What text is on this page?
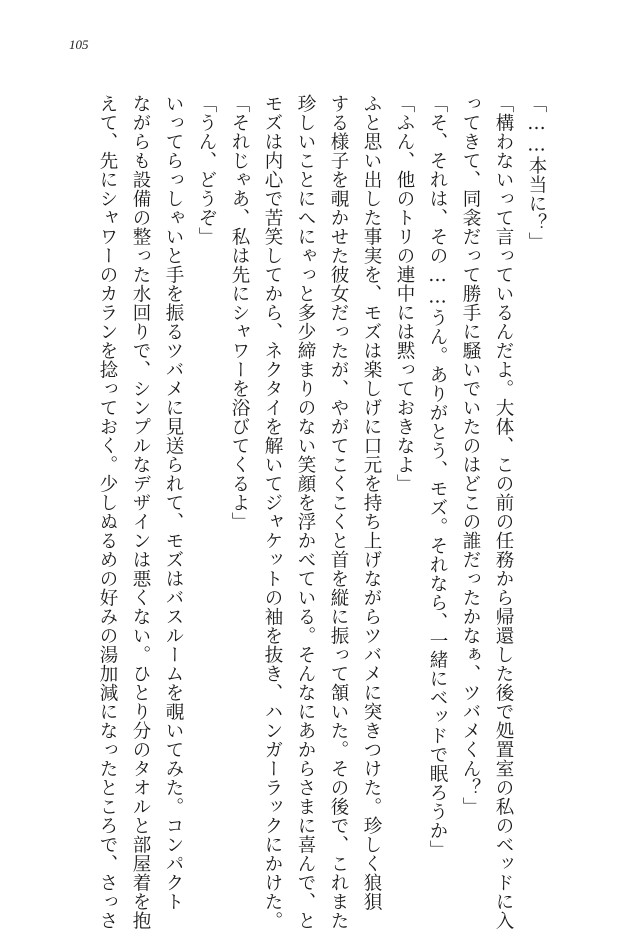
105
「……本当に？」
「構わないって言っているんだよ。大体、この前の任務から帰還した後で処置室の私のベッドに入
ってきて、同衾だって勝手に騒いでいたのはどこの誰だったかなぁ、ツバメくん？」
「そ、それは、その……うん。ありがとう、モズ。それなら、一緒にベッドで眠ろうか」
「ふん、他のトリの連中には黙っておきなよ」
ふと思い出した事実を、モズは楽しげに口元を持ち上げながらツバメに突きつけた。珍しく狼狽
する様子を覗かせた彼女だったが、やがてこくこくと首を縦に振って頷いた。その後で、これまた
珍しいことにへにゃっと多少締まりのない笑顔を浮かべている。そんなにあからさまに喜んで、と
モズは内心で苦笑してから、ネクタイを解いてジャケットの袖を抜き、ハンガーラックにかけた。
「それじゃあ、私は先にシャワーを浴びてくるよ」
「うん、どうぞ」
いってらっしゃいと手を振るツバメに見送られて、モズはバスルームを覗いてみた。コンパクト
ながらも設備の整った水回りで、シンプルなデザインは悪くない。ひとり分のタオルと部屋着を抱
えて、先にシャワーのカランを捻っておく。少しぬるめの好みの湯加減になったところで、さっさ
